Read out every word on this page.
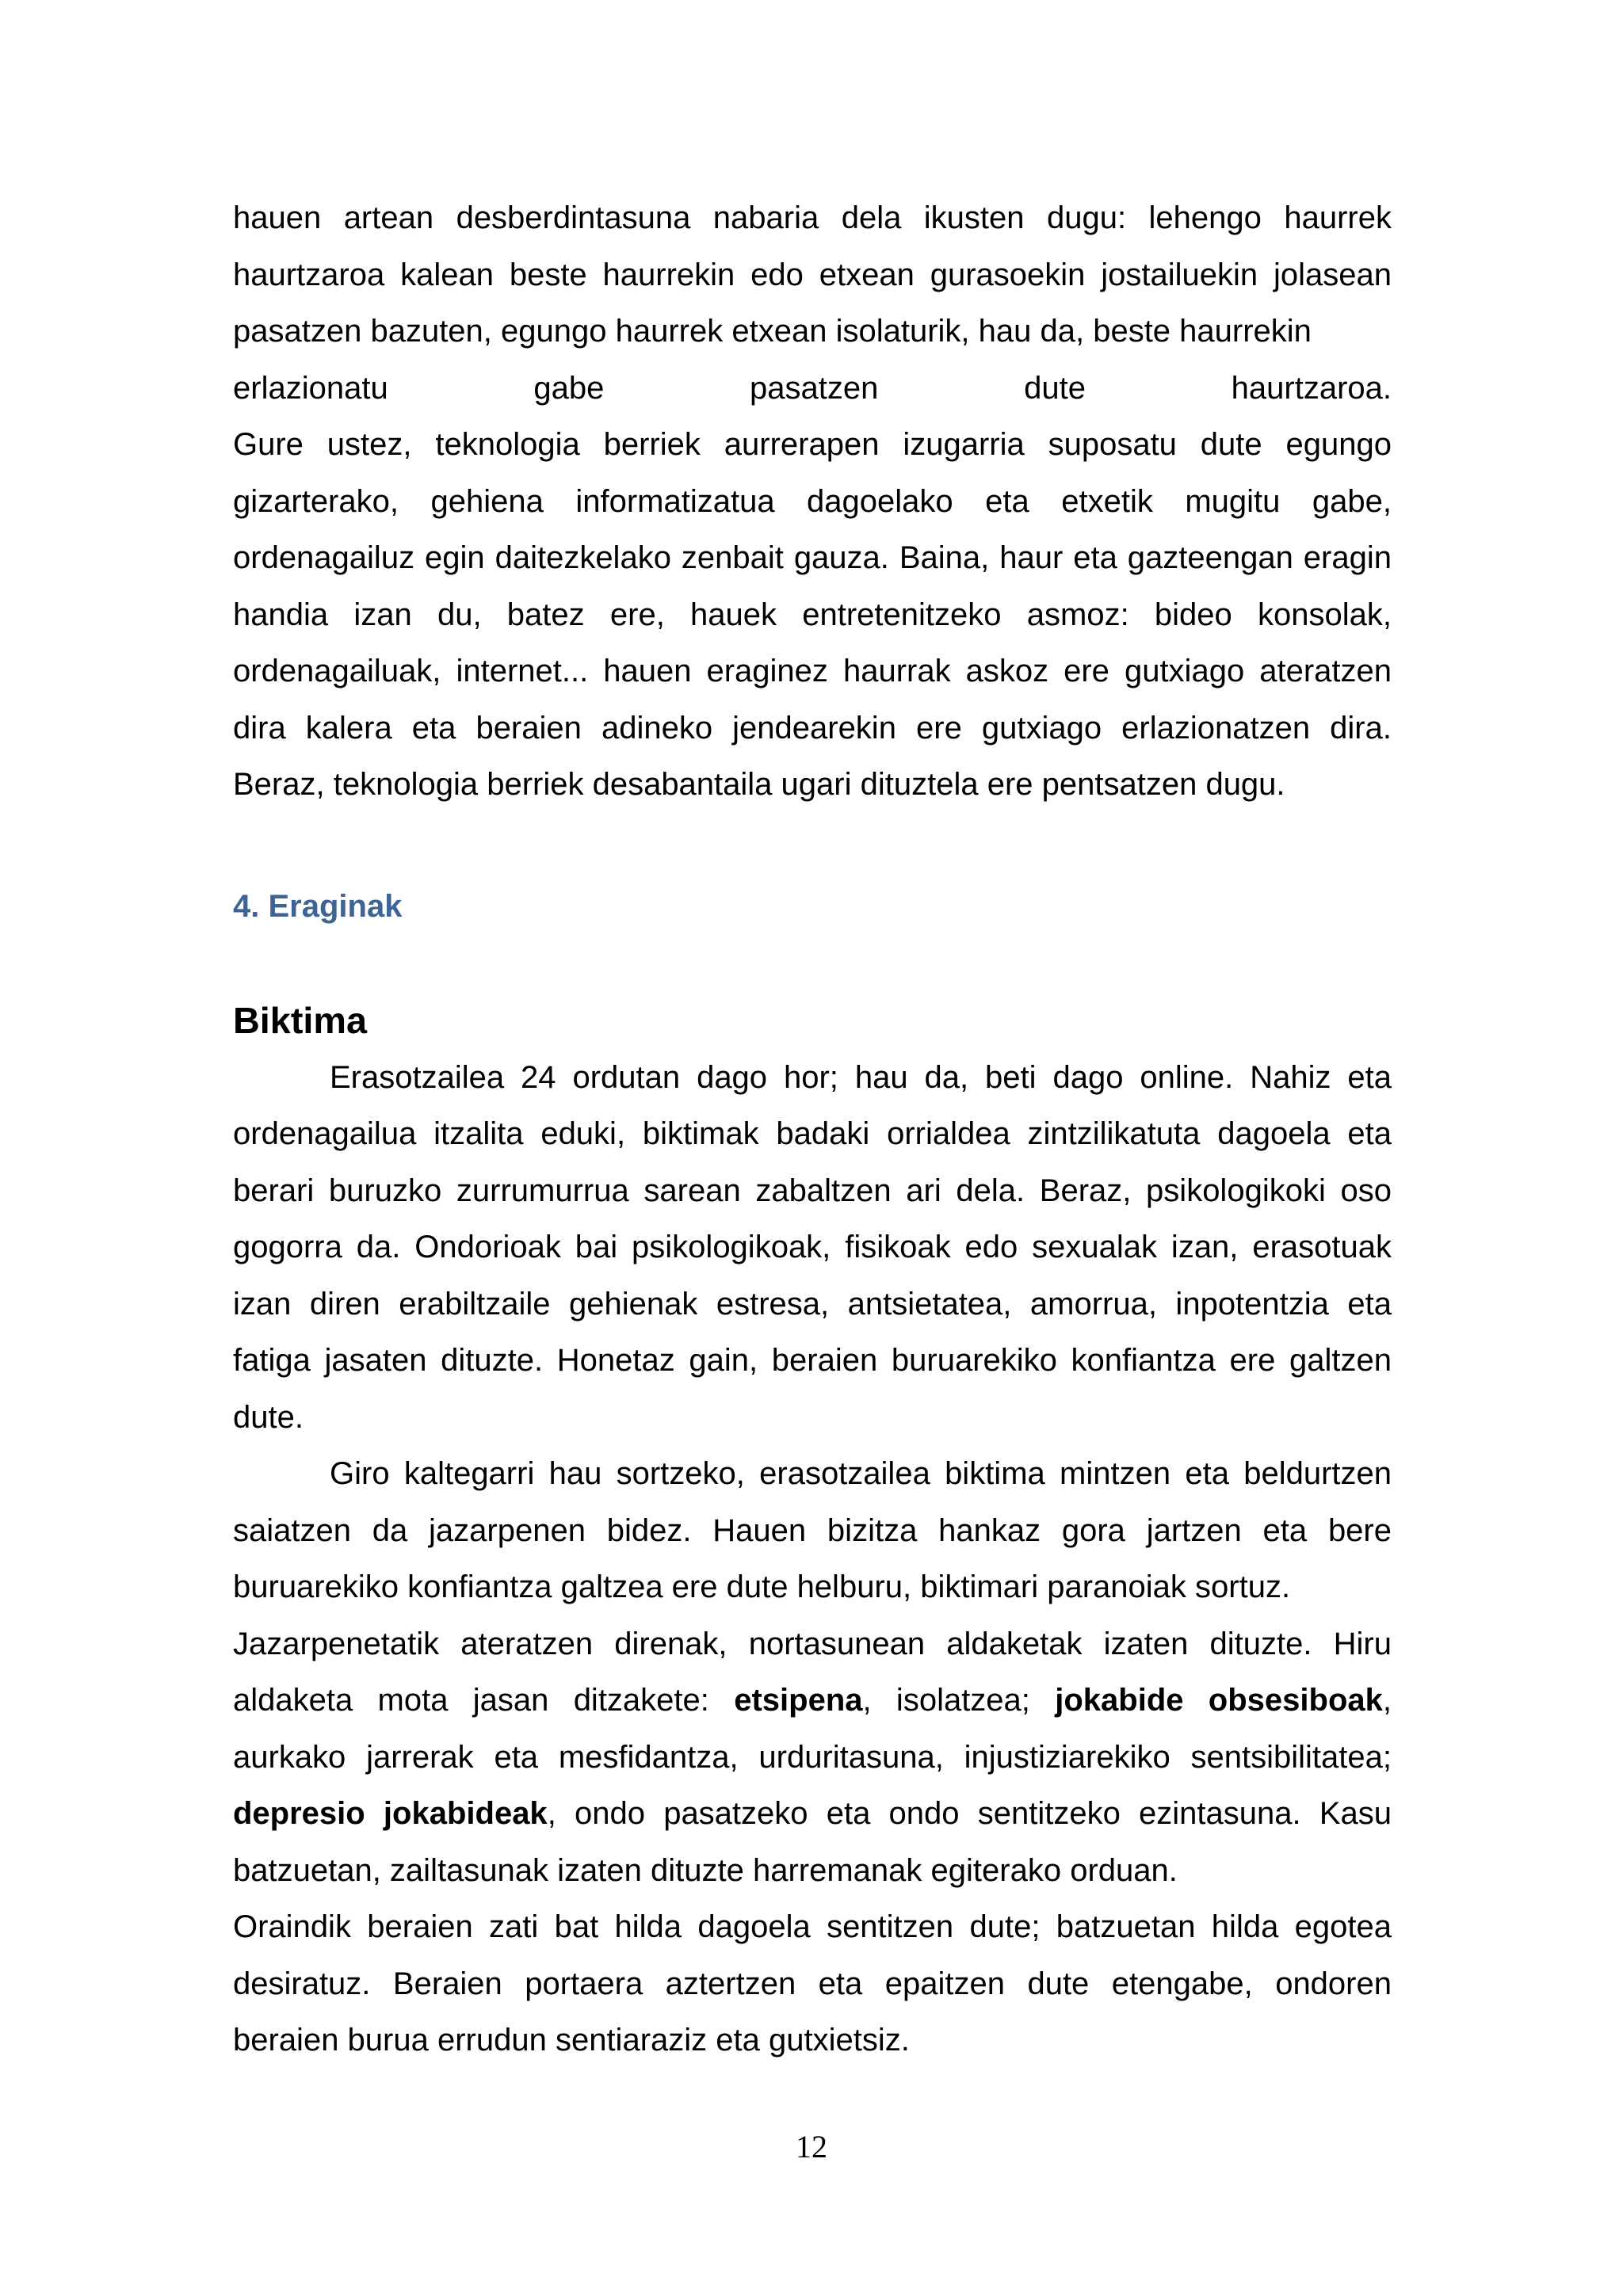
hauen artean desberdintasuna nabaria dela ikusten dugu: lehengo haurrek haurtzaroa kalean beste haurrekin edo etxean gurasoekin jostailuekin jolasean pasatzen bazuten, egungo haurrek etxean isolaturik, hau da, beste haurrekin

erlazionatu gabe pasatzen dute haurtzaroa.

Gure ustez, teknologia berriek aurrerapen izugarria suposatu dute egungo gizarterako, gehiena informatizatua dagoelako eta etxetik mugitu gabe, ordenagailuz egin daitezkelako zenbait gauza. Baina, haur eta gazteengan eragin handia izan du, batez ere, hauek entretenitzeko asmoz: bideo konsolak, ordenagailuak, internet... hauen eraginez haurrak askoz ere gutxiago ateratzen dira kalera eta beraien adineko jendearekin ere gutxiago erlazionatzen dira. Beraz, teknologia berriek desabantaila ugari dituztela ere pentsatzen dugu.

4. Eraginak
Biktima

Erasotzailea 24 ordutan dago hor; hau da, beti dago online. Nahiz eta ordenagailua itzalita eduki, biktimak badaki orrialdea zintzilikatuta dagoela eta berari buruzko zurrumurrua sarean zabaltzen ari dela. Beraz, psikologikoki oso gogorra da. Ondorioak bai psikologikoak, fisikoak edo sexualak izan, erasotuak izan diren erabiltzaile gehienak estresa, antsietatea, amorrua, inpotentzia eta fatiga jasaten dituzte. Honetaz gain, beraien buruarekiko konfiantza ere galtzen dute.

Giro kaltegarri hau sortzeko, erasotzailea biktima mintzen eta beldurtzen saiatzen da jazarpenen bidez. Hauen bizitza hankaz gora jartzen eta bere buruarekiko konfiantza galtzea ere dute helburu, biktimari paranoiak sortuz.

Jazarpenetatik ateratzen direnak, nortasunean aldaketak izaten dituzte. Hiru aldaketa mota jasan ditzakete: etsipena, isolatzea; jokabide obsesiboak, aurkako jarrerak eta mesfidantza, urduritasuna, injustiziarekiko sentsibilitatea; depresio jokabideak, ondo pasatzeko eta ondo sentitzeko ezintasuna. Kasu batzuetan, zailtasunak izaten dituzte harremanak egiterako orduan.

Oraindik beraien zati bat hilda dagoela sentitzen dute; batzuetan hilda egotea desiratuz. Beraien portaera aztertzen eta epaitzen dute etengabe, ondoren beraien burua errudun sentiaraziz eta gutxietsiz.

12
